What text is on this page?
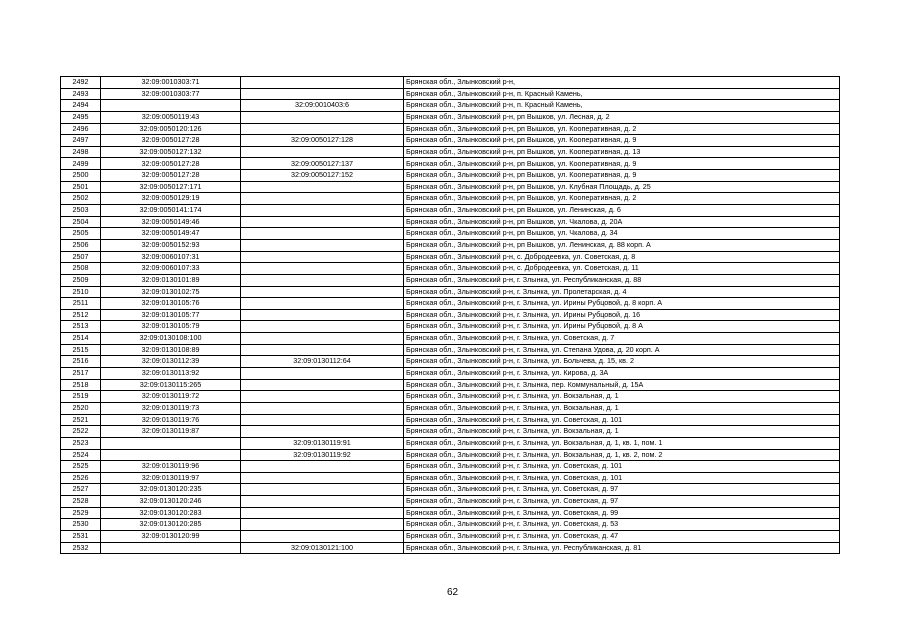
2492	32:09:0010303:71		Брянская обл., Злынковский р-н,
2493	32:09:0010303:77		Брянская обл., Злынковский р-н, п. Красный Камень,
2494		32:09:0010403:6	Брянская обл., Злынковский р-н, п. Красный Камень,
2495	32:09:0050119:43		Брянская обл., Злынковский р-н, рп Вышков, ул. Лесная, д. 2
2496	32:09:0050120:126		Брянская обл., Злынковский р-н, рп Вышков, ул. Кооперативная, д. 2
2497	32:09:0050127:28	32:09:0050127:128	Брянская обл., Злынковский р-н, рп Вышков, ул. Кооперативная, д. 9
2498	32:09:0050127:132		Брянская обл., Злынковский р-н, рп Вышков, ул. Кооперативная, д. 13
2499	32:09:0050127:28	32:09:0050127:137	Брянская обл., Злынковский р-н, рп Вышков, ул. Кооперативная, д. 9
2500	32:09:0050127:28	32:09:0050127:152	Брянская обл., Злынковский р-н, рп Вышков, ул. Кооперативная, д. 9
2501	32:09:0050127:171		Брянская обл., Злынковский р-н, рп Вышков, ул. Клубная Площадь, д. 25
2502	32:09:0050129:19		Брянская обл., Злынковский р-н, рп Вышков, ул. Кооперативная, д. 2
2503	32:09:0050141:174		Брянская обл., Злынковский р-н, рп Вышков, ул. Ленинская, д. 6
2504	32:09:0050149:46		Брянская обл., Злынковский р-н, рп Вышков, ул. Чкалова, д. 20А
2505	32:09:0050149:47		Брянская обл., Злынковский р-н, рп Вышков, ул. Чкалова, д. 34
2506	32:09:0050152:93		Брянская обл., Злынковский р-н, рп Вышков, ул. Ленинская, д. 88 корп. А
2507	32:09:0060107:31		Брянская обл., Злынковский р-н, с. Добродеевка, ул. Советская, д. 8
2508	32:09:0060107:33		Брянская обл., Злынковский р-н, с. Добродеевка, ул. Советская, д. 11
2509	32:09:0130101:89		Брянская обл., Злынковский р-н, г. Злынка, ул. Республиканская, д. 88
2510	32:09:0130102:75		Брянская обл., Злынковский р-н, г. Злынка, ул. Пролетарская, д. 4
2511	32:09:0130105:76		Брянская обл., Злынковский р-н, г. Злынка, ул. Ирины Рубцовой, д. 8 корп. А
2512	32:09:0130105:77		Брянская обл., Злынковский р-н, г. Злынка, ул. Ирины Рубцовой, д. 16
2513	32:09:0130105:79		Брянская обл., Злынковский р-н, г. Злынка, ул. Ирины Рубцовой, д. 8 А
2514	32:09:0130108:100		Брянская обл., Злынковский р-н, г. Злынка, ул. Советская, д. 7
2515	32:09:0130108:89		Брянская обл., Злынковский р-н, г. Злынка, ул. Степана Удова, д. 20 корп. А
2516	32:09:0130112:39	32:09:0130112:64	Брянская обл., Злынковский р-н, г. Злынка, ул. Больчева, д. 15, кв. 2
2517	32:09:0130113:92		Брянская обл., Злынковский р-н, г. Злынка, ул. Кирова, д. 3А
2518	32:09:0130115:265		Брянская обл., Злынковский р-н, г. Злынка, пер. Коммунальный, д. 15А
2519	32:09:0130119:72		Брянская обл., Злынковский р-н, г. Злынка, ул. Вокзальная, д. 1
2520	32:09:0130119:73		Брянская обл., Злынковский р-н, г. Злынка, ул. Вокзальная, д. 1
2521	32:09:0130119:76		Брянская обл., Злынковский р-н, г. Злынка, ул. Советская, д. 101
2522	32:09:0130119:87		Брянская обл., Злынковский р-н, г. Злынка, ул. Вокзальная, д. 1
2523		32:09:0130119:91	Брянская обл., Злынковский р-н, г. Злынка, ул. Вокзальная, д. 1, кв. 1, пом. 1
2524		32:09:0130119:92	Брянская обл., Злынковский р-н, г. Злынка, ул. Вокзальная, д. 1, кв. 2, пом. 2
2525	32:09:0130119:96		Брянская обл., Злынковский р-н, г. Злынка, ул. Советская, д. 101
2526	32:09:0130119:97		Брянская обл., Злынковский р-н, г. Злынка, ул. Советская, д. 101
2527	32:09:0130120:235		Брянская обл., Злынковский р-н, г. Злынка, ул. Советская, д. 97
2528	32:09:0130120:246		Брянская обл., Злынковский р-н, г. Злынка, ул. Советская, д. 97
2529	32:09:0130120:283		Брянская обл., Злынковский р-н, г. Злынка, ул. Советская, д. 99
2530	32:09:0130120:285		Брянская обл., Злынковский р-н, г. Злынка, ул. Советская, д. 53
2531	32:09:0130120:99		Брянская обл., Злынковский р-н, г. Злынка, ул. Советская, д. 47
2532		32:09:0130121:100	Брянская обл., Злынковский р-н, г. Злынка, ул. Республиканская, д. 81
62
